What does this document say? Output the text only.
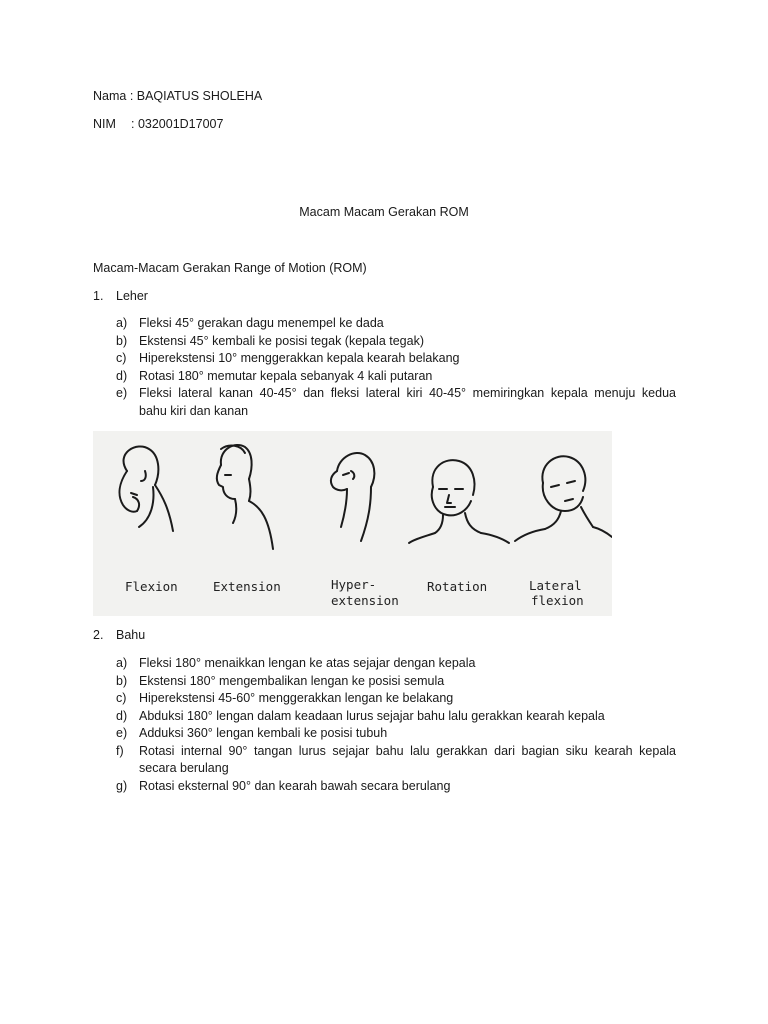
Nama : BAQIATUS SHOLEHA
NIM : 032001D17007
Macam Macam Gerakan ROM
Macam-Macam Gerakan Range of Motion (ROM)
1. Leher
a) Fleksi 45° gerakan dagu menempel ke dada
b) Ekstensi 45° kembali ke posisi tegak (kepala tegak)
c) Hiperekstensi 10° menggerakkan kepala kearah belakang
d) Rotasi 180° memutar kepala sebanyak 4 kali putaran
e) Fleksi lateral kanan 40-45° dan fleksi lateral kiri 40-45° memiringkan kepala menuju kedua
bahu kiri dan kanan
Flexion	Extension	Hyper-
extension
Rotation	Lateral
flexion
2. Bahu
a) Fleksi 180° menaikkan lengan ke atas sejajar dengan kepala
b) Ekstensi 180° mengembalikan lengan ke posisi semula
c) Hiperekstensi 45-60° menggerakkan lengan ke belakang
d) Abduksi 180° lengan dalam keadaan lurus sejajar bahu lalu gerakkan kearah kepala
e) Adduksi 360° lengan kembali ke posisi tubuh
f) Rotasi internal 90° tangan lurus sejajar bahu lalu gerakkan dari bagian siku kearah kepala
secara berulang
g) Rotasi eksternal 90° dan kearah bawah secara berulang
